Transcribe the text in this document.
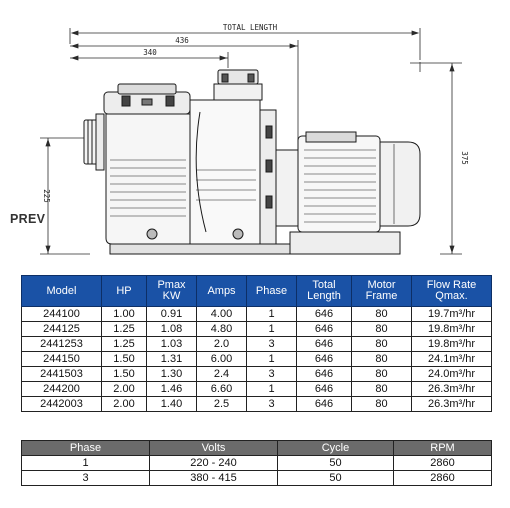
TOTAL LENGTH
436
340
375
225
PREV
Model	HP	Pmax KW	Amps	Phase	Total Length	Motor Frame	Flow Rate Qmax.
244100	1.00	0.91	4.00	1	646	80	19.7m³/hr
244125	1.25	1.08	4.80	1	646	80	19.8m³/hr
2441253	1.25	1.03	2.0	3	646	80	19.8m³/hr
244150	1.50	1.31	6.00	1	646	80	24.1m³/hr
2441503	1.50	1.30	2.4	3	646	80	24.0m³/hr
244200	2.00	1.46	6.60	1	646	80	26.3m³/hr
2442003	2.00	1.40	2.5	3	646	80	26.3m³/hr
Phase	Volts	Cycle	RPM
1	220 - 240	50	2860
3	380 - 415	50	2860
